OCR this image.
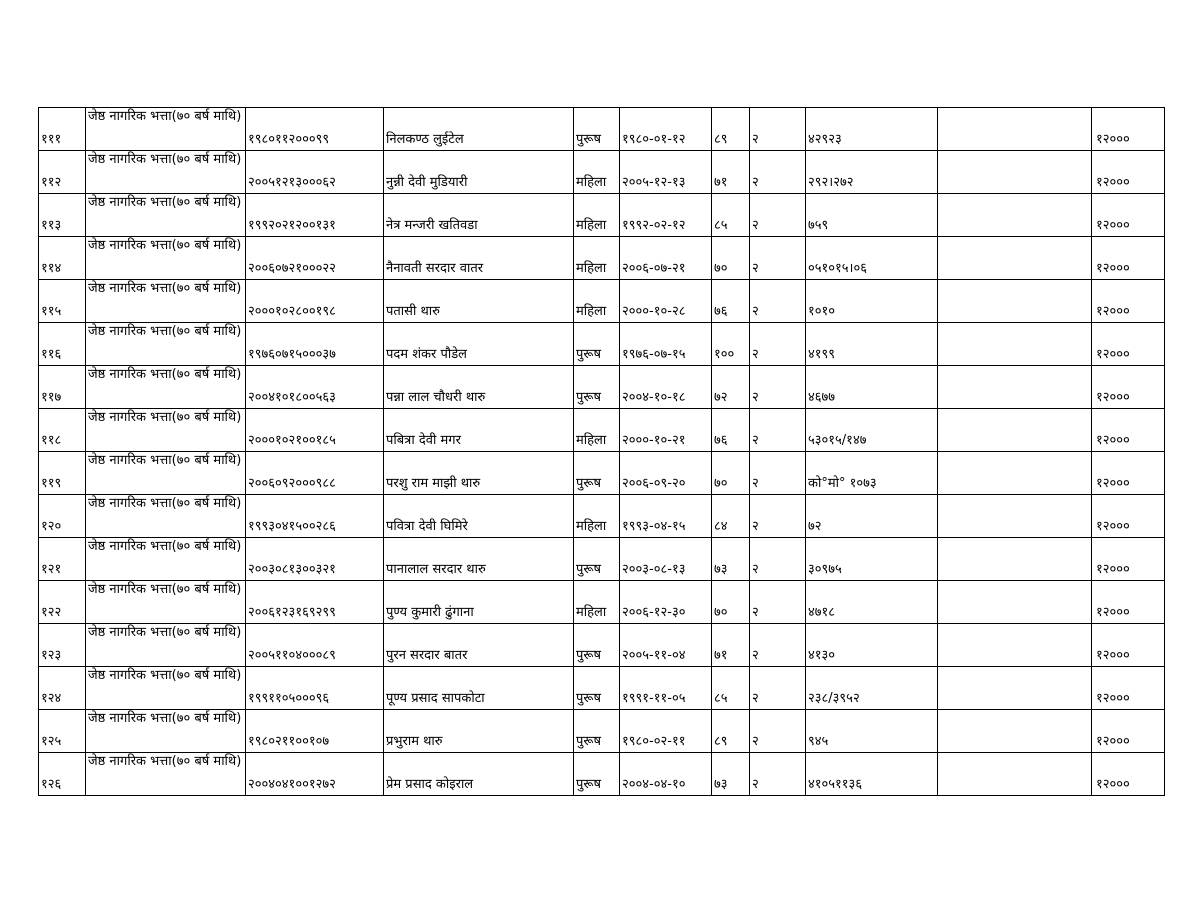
१११	जेष्ठ नागरिक भत्ता(७० बर्ष माथि)	१९८०११२०००९९	निलकण्ठ लुईटेल	पुरूष	१९८०-०१-१२	८९	२	४२९२३		१२०००
११२	जेष्ठ नागरिक भत्ता(७० बर्ष माथि)	२००५१२१३०००६२	नुन्नी देवी मुडियारी	महिला	२००५-१२-१३	७१	२	२९२।२७२		१२०००
११३	जेष्ठ नागरिक भत्ता(७० बर्ष माथि)	१९९२०२१२००१३१	नेत्र मन्जरी खतिवडा	महिला	१९९२-०२-१२	८५	२	७५९		१२०००
११४	जेष्ठ नागरिक भत्ता(७० बर्ष माथि)	२००६०७२१०००२२	नैनावती सरदार वातर	महिला	२००६-०७-२१	७०	२	०५१०१५।०६		१२०००
११५	जेष्ठ नागरिक भत्ता(७० बर्ष माथि)	२०००१०२८००१९८	पतासी थारु	महिला	२०००-१०-२८	७६	२	१०१०		१२०००
११६	जेष्ठ नागरिक भत्ता(७० बर्ष माथि)	१९७६०७१५०००३७	पदम शंकर पौडेल	पुरूष	१९७६-०७-१५	१००	२	४१९९		१२०००
११७	जेष्ठ नागरिक भत्ता(७० बर्ष माथि)	२००४१०१८००५६३	पन्ना लाल चौधरी थारु	पुरूष	२००४-१०-१८	७२	२	४६७७		१२०००
११८	जेष्ठ नागरिक भत्ता(७० बर्ष माथि)	२०००१०२१००१८५	पबित्रा देवी मगर	महिला	२०००-१०-२१	७६	२	५३०१५/१४७		१२०००
११९	जेष्ठ नागरिक भत्ता(७० बर्ष माथि)	२००६०९२०००९८८	परशु राम माझी थारु	पुरूष	२००६-०९-२०	७०	२	को°मो° १०७३		१२०००
१२०	जेष्ठ नागरिक भत्ता(७० बर्ष माथि)	१९९३०४१५००२८६	पवित्रा देवी घिमिरे	महिला	१९९३-०४-१५	८४	२	७२		१२०००
१२१	जेष्ठ नागरिक भत्ता(७० बर्ष माथि)	२००३०८१३००३२१	पानालाल सरदार थारु	पुरूष	२००३-०८-१३	७३	२	३०९७५		१२०००
१२२	जेष्ठ नागरिक भत्ता(७० बर्ष माथि)	२००६१२३१६९२९९	पुण्य कुमारी ढुंगाना	महिला	२००६-१२-३०	७०	२	४७१८		१२०००
१२३	जेष्ठ नागरिक भत्ता(७० बर्ष माथि)	२००५११०४०००८९	पुरन सरदार बातर	पुरूष	२००५-११-०४	७१	२	४१३०		१२०००
१२४	जेष्ठ नागरिक भत्ता(७० बर्ष माथि)	१९९११०५०००९६	पूण्य प्रसाद सापकोटा	पुरूष	१९९१-११-०५	८५	२	२३८/३९५२		१२०००
१२५	जेष्ठ नागरिक भत्ता(७० बर्ष माथि)	१९८०२११००१०७	प्रभुराम थारु	पुरूष	१९८०-०२-११	८९	२	९४५		१२०००
१२६	जेष्ठ नागरिक भत्ता(७० बर्ष माथि)	२००४०४१००१२७२	प्रेम प्रसाद कोइराल	पुरूष	२००४-०४-१०	७३	२	४१०५११३६		१२०००
